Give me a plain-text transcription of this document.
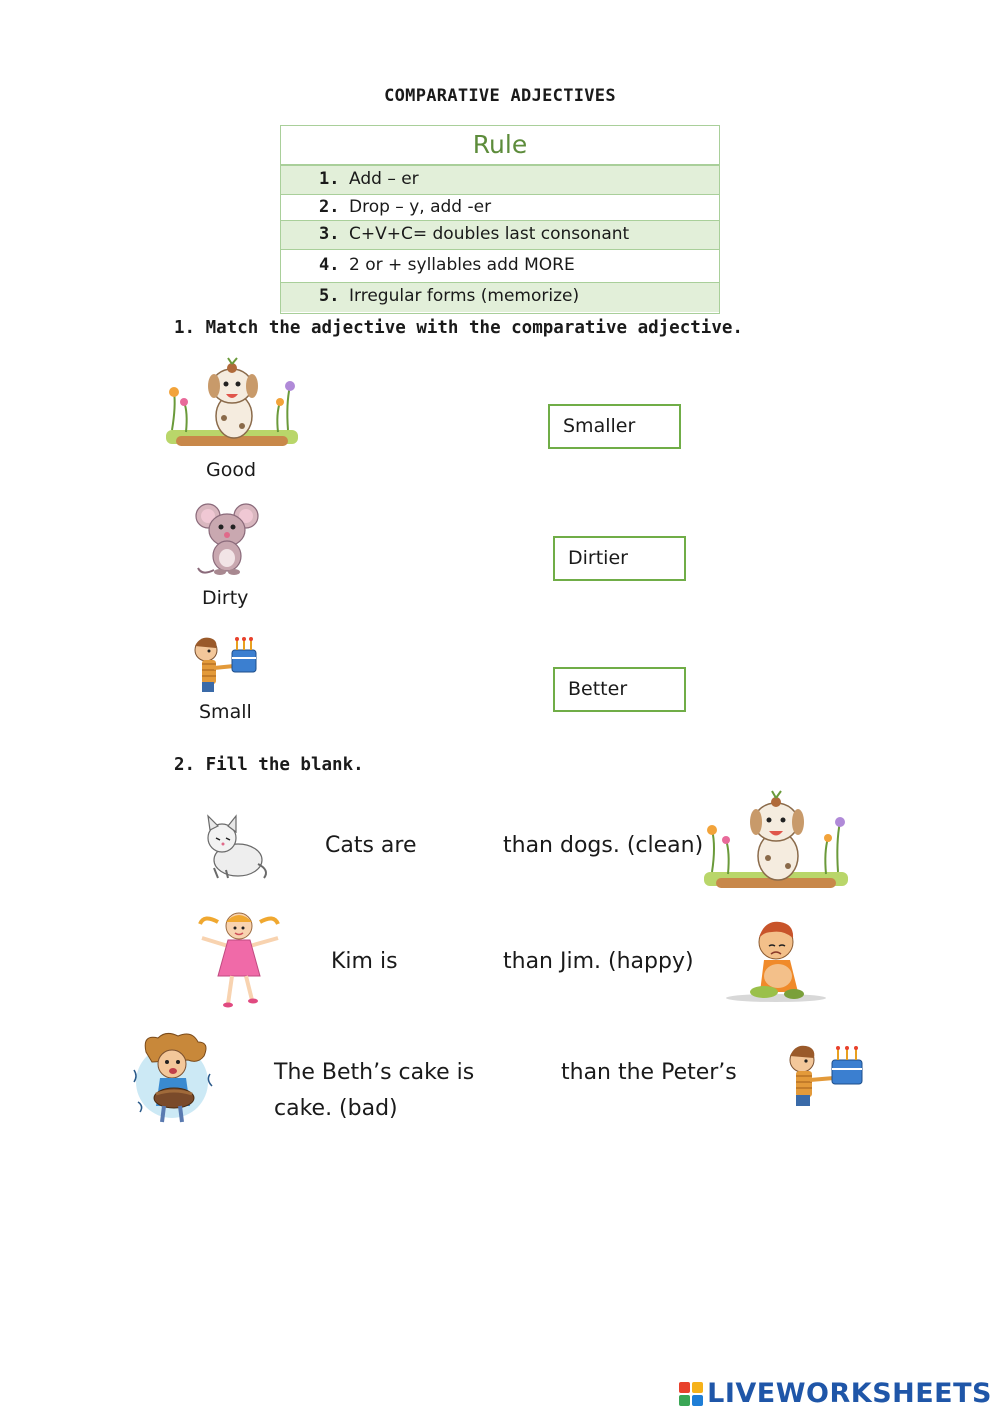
COMPARATIVE ADJECTIVES
Rule
1. Add – er
2. Drop – y, add -er
3. C+V+C= doubles last consonant
4. 2 or + syllables add MORE
5. Irregular forms (memorize)
1. Match the adjective with the comparative adjective.
Good
Dirty
Small
Smaller
Dirtier
Better
2. Fill the blank.
Cats are	than dogs. (clean)
Kim is	than Jim. (happy)
The Beth’s cake is	than the Peter’s
cake. (bad)
LIVEWORKSHEETS
